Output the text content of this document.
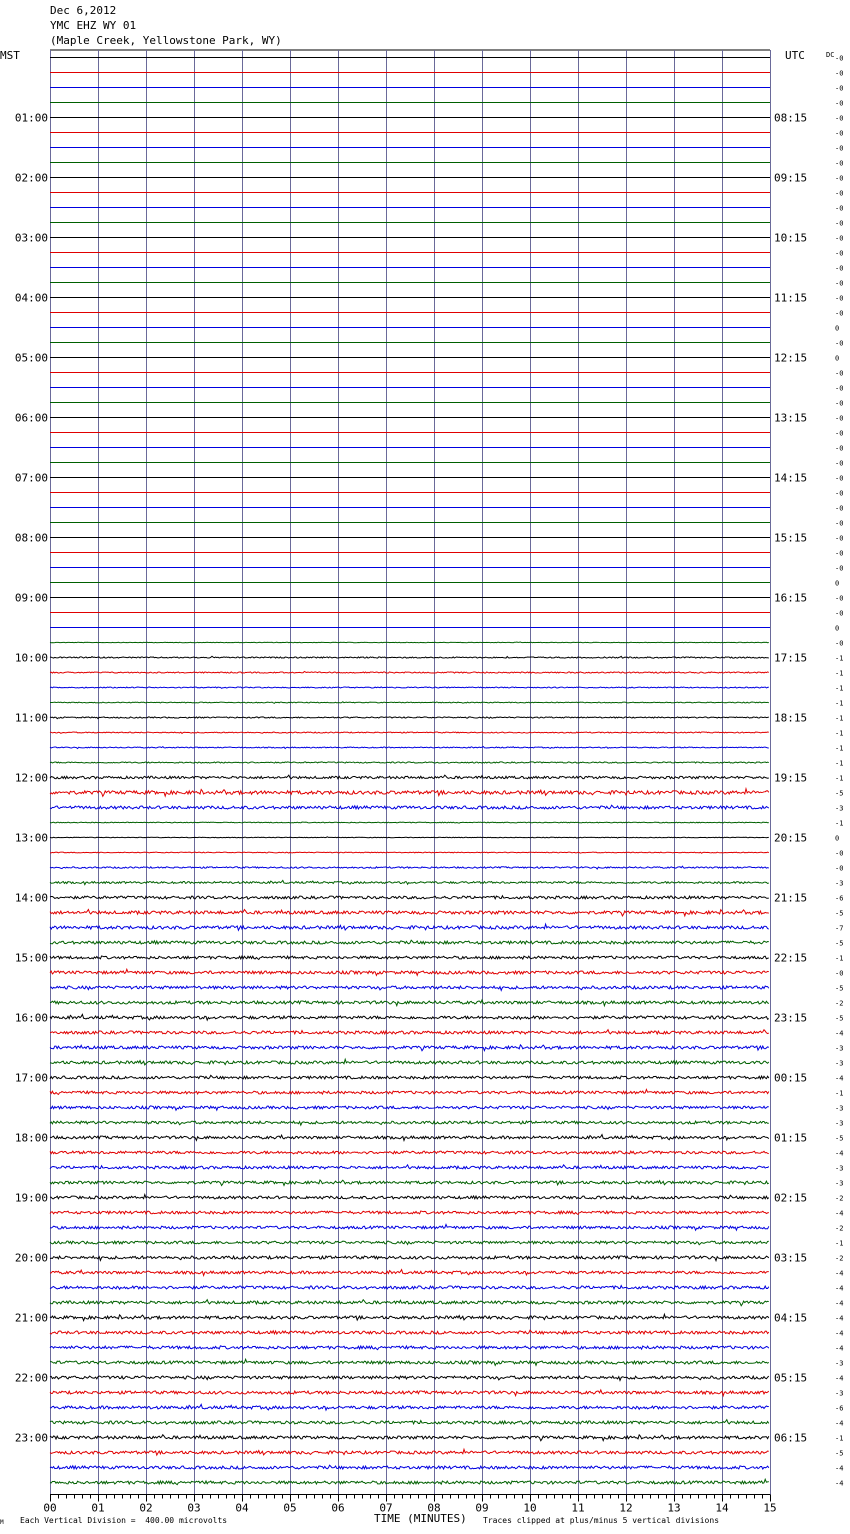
Dec 6,2012
YMC EHZ WY 01
(Maple Creek, Yellowstone Park, WY)
MST	UTC	DC
00	01	02	03	04	05	06	07	08	09	10	11	12	13	14	15
-0
-0
-0
-0
-0
-0
-0
-0
-0
-0
-0
-0
-0
-0
-0
-0
-0
-0
0
-0
0
-0
-0
-0
-0
-0
-0
-0
-0
-0
-0
-0
-0
-0
-0
0
-0
-0
0
-0
-1
-1
-1
-1
-1
-1
-1
-1
-1
-5
-3
-1
0
-0
-0
-3
-6
-5
-7
-5
-1
-0
-5
-2
-5
-4
-3
-3
-4
-1
-3
-3
-5
-4
-3
-3
-2
-4
-2
-1
-2
-4
-4
-4
-4
-4
-4
-3
-4
-3
-6
-4
-1
-5
-4
-4
01:00	08:15
02:00	09:15
03:00	10:15
04:00	11:15
05:00	12:15
06:00	13:15
07:00	14:15
08:00	15:15
09:00	16:15
10:00	17:15
11:00	18:15
12:00	19:15
13:00	20:15
14:00	21:15
15:00	22:15
16:00	23:15
17:00	00:15
18:00	01:15
19:00	02:15
20:00	03:15
21:00	04:15
22:00	05:15
23:00	06:15
TIME (MINUTES)
M Each Vertical Division =  400.00 microvolts	Traces clipped at plus/minus 5 vertical divisions
